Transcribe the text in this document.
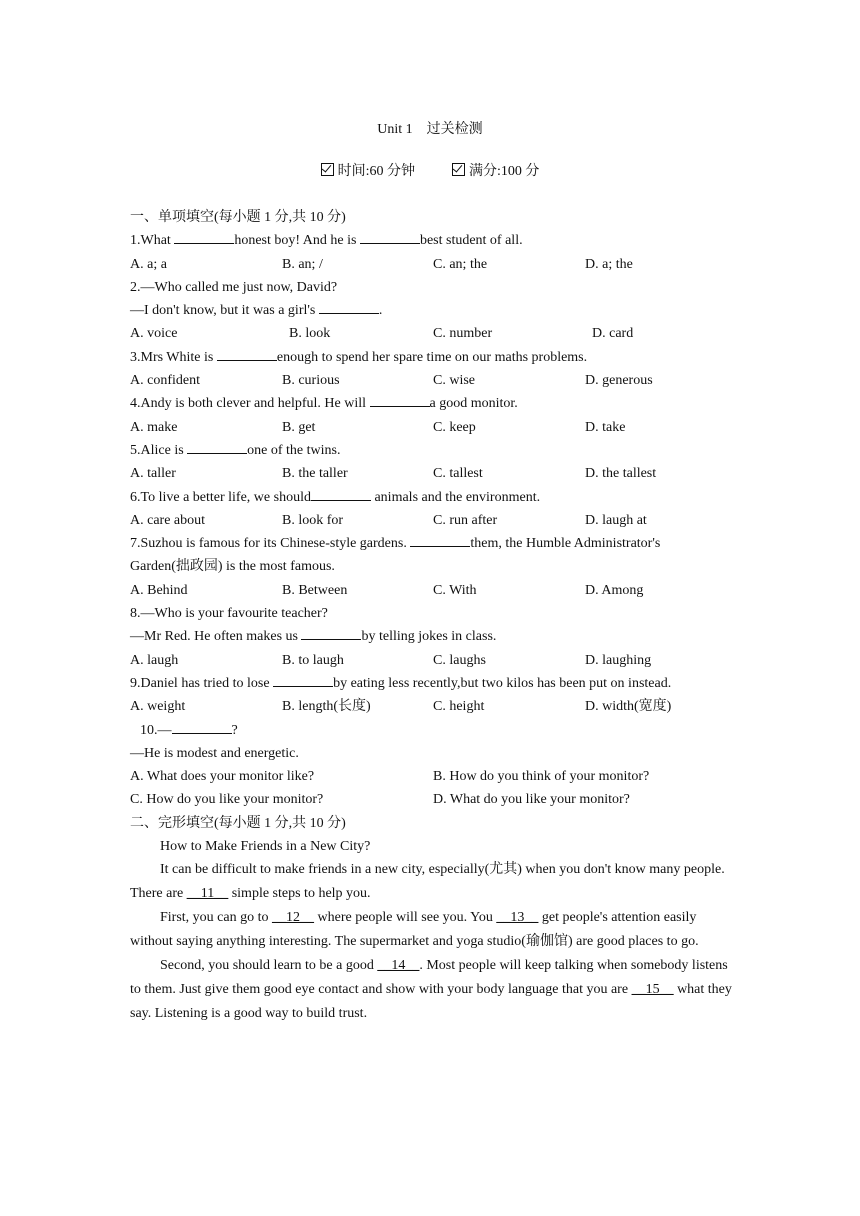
Unit 1　过关检测
时间:60 分钟	满分:100 分
一、单项填空(每小题 1 分,共 10 分)
1.What	honest boy! And he is	best student of all.
A. a; a	B. an; /	C. an; the	D. a; the
2.—Who called me just now, David?
—I don't know, but it was a girl's	.
A. voice	B. look	C. number	D. card
3.Mrs White is	enough to spend her spare time on our maths problems.
A. confident	B. curious	C. wise	D. generous
4.Andy is both clever and helpful. He will	a good monitor.
A. make	B. get	C. keep	D. take
5.Alice is	one of the twins.
A. taller	B. the taller	C. tallest	D. the tallest
6.To live a better life, we should	animals and the environment.
A. care about	B. look for	C. run after	D. laugh at
7.Suzhou is famous for its Chinese-style gardens.	them, the Humble Administrator's
Garden(拙政园) is the most famous.
A. Behind	B. Between	C. With	D. Among
8.—Who is your favourite teacher?
—Mr Red. He often makes us	by telling jokes in class.
A. laugh	B. to laugh	C. laughs	D. laughing
9.Daniel has tried to lose	by eating less recently,but two kilos has been put on instead.
A. weight	B. length(长度)	C. height	D. width(宽度)
10.—	?
—He is modest and energetic.
A. What does your monitor like?	B. How do you think of your monitor?
C. How do you like your monitor?	D. What do you like your monitor?
二、完形填空(每小题 1 分,共 10 分)
How to Make Friends in a New City?

It can be difficult to make friends in a new city, especially(尤其) when you don't know many people. There are __11__ simple steps to help you.

First, you can go to __12__ where people will see you. You __13__ get people's attention easily without saying anything interesting. The supermarket and yoga studio(瑜伽馆) are good places to go.

Second, you should learn to be a good __14__. Most people will keep talking when somebody listens to them. Just give them good eye contact and show with your body language that you are __15__ what they say. Listening is a good way to build trust.
